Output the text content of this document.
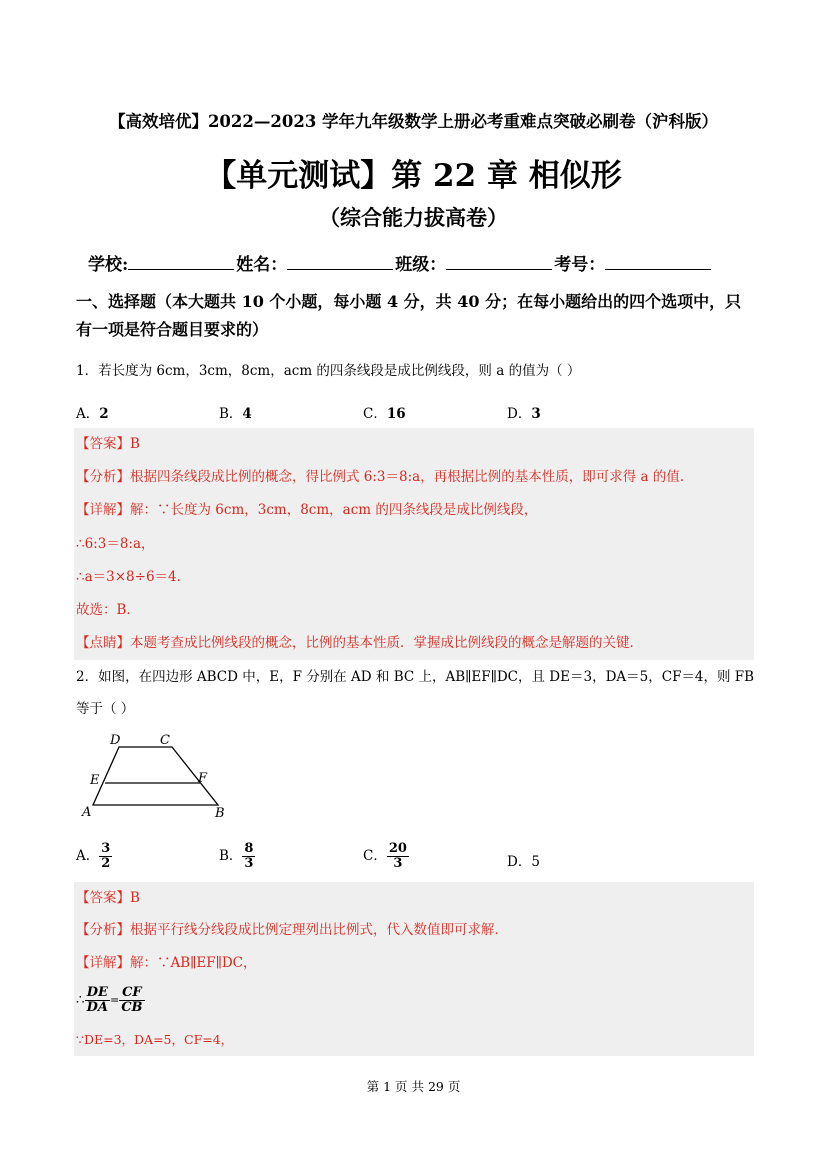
【高效培优】2022—2023 学年九年级数学上册必考重难点突破必刷卷（沪科版）
【单元测试】第 22 章 相似形
（综合能力拔高卷）
学校:	姓名：	班级：	考号：
一、选择题（本大题共 10 个小题，每小题 4 分，共 40 分；在每小题给出的四个选项中，只
有一项是符合题目要求的）
1．若长度为 6cm，3cm，8cm，acm 的四条线段是成比例线段，则 a 的值为（ ）
A．2	B．4	C．16	D．3
【答案】B
【分析】根据四条线段成比例的概念，得比例式 6:3＝8:a，再根据比例的基本性质，即可求得 a 的值.
【详解】解：∵长度为 6cm，3cm，8cm，acm 的四条线段是成比例线段，
∴6:3＝8:a，
∴a＝3×8÷6＝4．
故选：B．
【点睛】本题考查成比例线段的概念，比例的基本性质．掌握成比例线段的概念是解题的关键．
2．如图，在四边形 ABCD 中，E，F 分别在 AD 和 BC 上，AB∥EF∥DC，且 DE＝3，DA＝5，CF＝4，则 FB
等于（ ）
D	C
E	F
A	B
A． $\frac{3}{2}$	B． $\frac{8}{3}$	C． $\frac{20}{3}$	D．5
【答案】B
【分析】根据平行线分线段成比例定理列出比例式，代入数值即可求解．
【详解】解：∵AB∥EF∥DC，
∴ $\frac{DE}{DA} = \frac{CF}{CB}$
∵DE=3，DA=5，CF=4，
第 1 页 共 29 页
